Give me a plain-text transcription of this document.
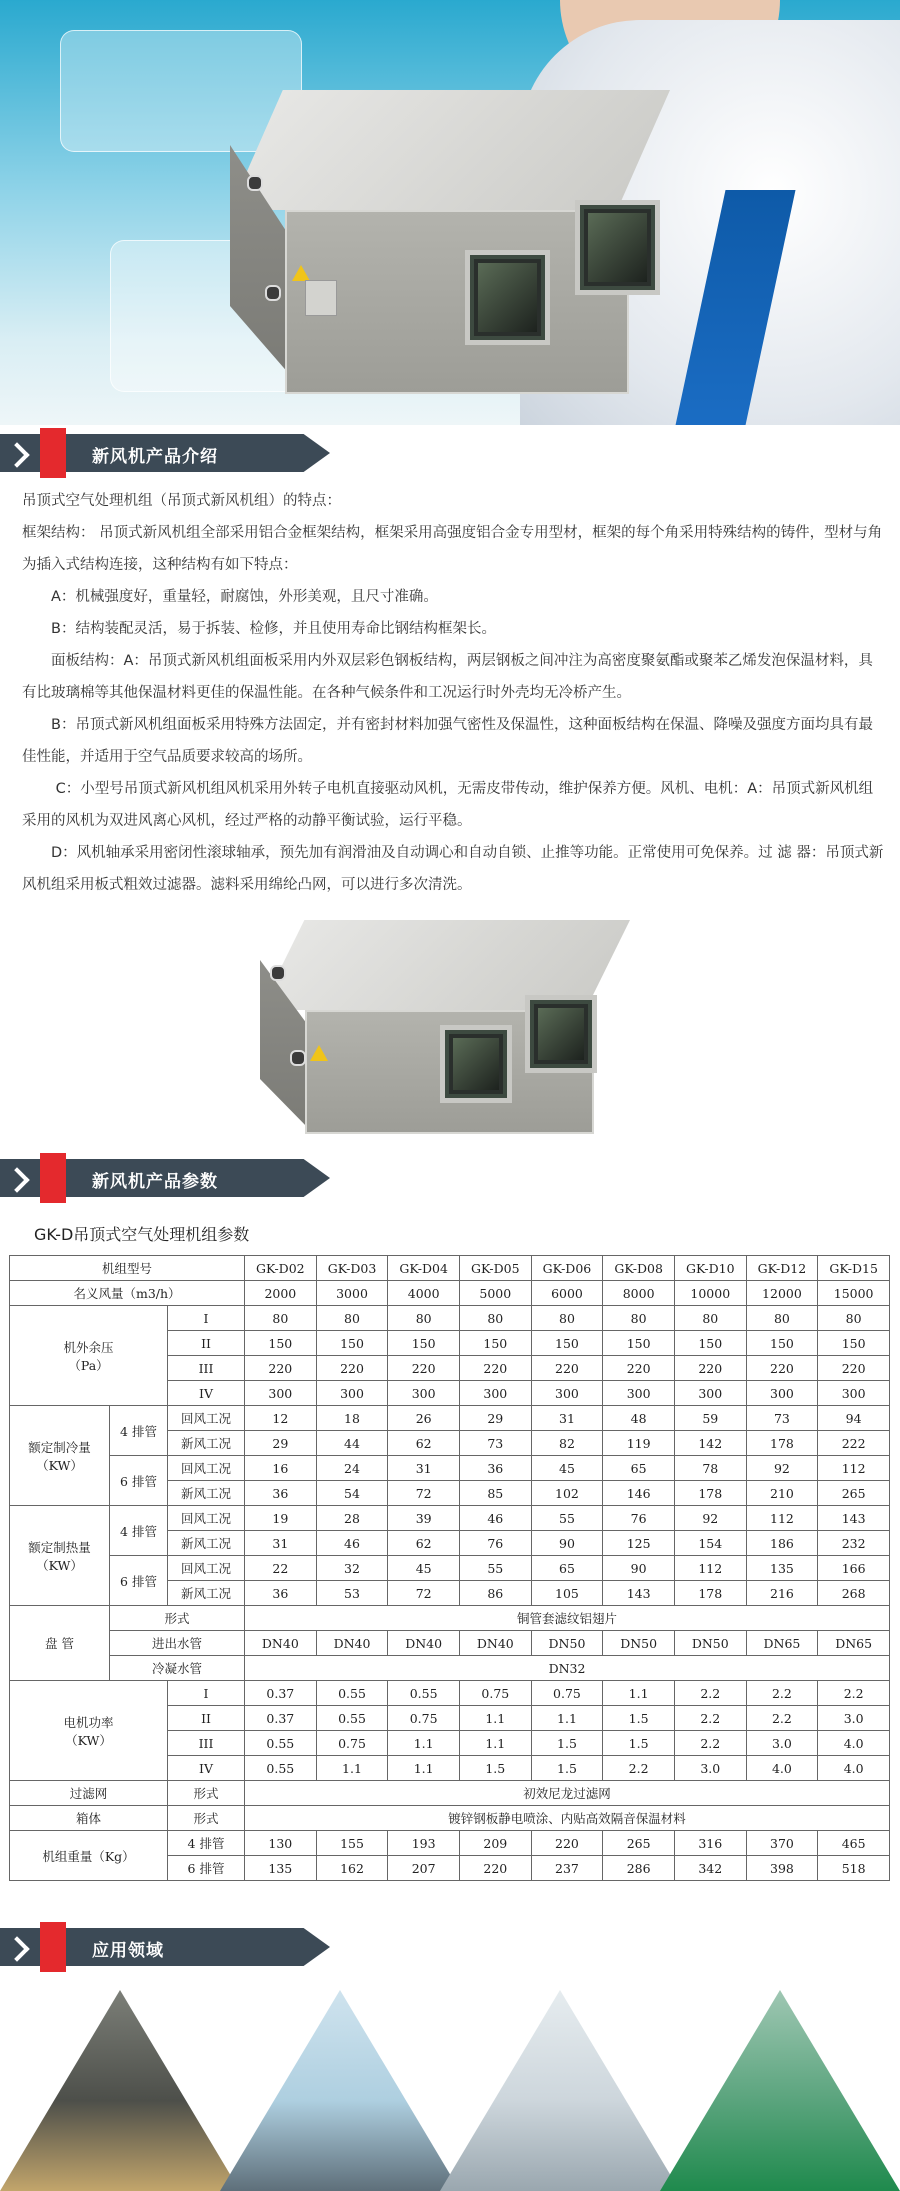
新风机产品介绍

吊顶式空气处理机组（吊顶式新风机组）的特点：

框架结构： 吊顶式新风机组全部采用铝合金框架结构，框架采用高强度铝合金专用型材，框架的每个角采用特殊结构的铸件，型材与角为插入式结构连接，这种结构有如下特点：

　　A：机械强度好，重量轻，耐腐蚀，外形美观，且尺寸准确。

　　B：结构装配灵活，易于拆装、检修，并且使用寿命比钢结构框架长。

　　面板结构：A：吊顶式新风机组面板采用内外双层彩色钢板结构，两层钢板之间冲注为高密度聚氨酯或聚苯乙烯发泡保温材料，具有比玻璃棉等其他保温材料更佳的保温性能。在各种气候条件和工况运行时外壳均无冷桥产生。

　　B：吊顶式新风机组面板采用特殊方法固定，并有密封材料加强气密性及保温性，这种面板结构在保温、降噪及强度方面均具有最佳性能，并适用于空气品质要求较高的场所。

　　 C：小型号吊顶式新风机组风机采用外转子电机直接驱动风机，无需皮带传动，维护保养方便。风机、电机：A：吊顶式新风机组采用的风机为双进风离心风机，经过严格的动静平衡试验，运行平稳。

　　D：风机轴承采用密闭性滚球轴承，预先加有润滑油及自动调心和自动自锁、止推等功能。正常使用可免保养。过 滤 器：吊顶式新风机组采用板式粗效过滤器。滤料采用绵纶凸网，可以进行多次清洗。

新风机产品参数
GK-D吊顶式空气处理机组参数
机组型号			GK-D02	GK-D03	GK-D04	GK-D05	GK-D06	GK-D08	GK-D10	GK-D12	GK-D15
名义风量（m3/h）			2000	3000	4000	5000	6000	8000	10000	12000	15000

机外余压
（Pa）		I	80	80	80	80	80	80	80	80	80
		II	150	150	150	150	150	150	150	150	150
		III	220	220	220	220	220	220	220	220	220
		IV	300	300	300	300	300	300	300	300	300

额定制冷量
（KW）	4 排管	回风工况	12	18	26	29	31	48	59	73	94
		新风工况	29	44	62	73	82	119	142	178	222
	6 排管	回风工况	16	24	31	36	45	65	78	92	112
		新风工况	36	54	72	85	102	146	178	210	265

额定制热量
（KW）	4 排管	回风工况	19	28	39	46	55	76	92	112	143
		新风工况	31	46	62	76	90	125	154	186	232
	6 排管	回风工况	22	32	45	55	65	90	112	135	166
		新风工况	36	53	72	86	105	143	178	216	268
盘 管	形式		铜管套滤纹铝翅片								
	进出水管		DN40	DN40	DN40	DN40	DN50	DN50	DN50	DN65	DN65
	冷凝水管		DN32								

电机功率
（KW）		I	0.37	0.55	0.55	0.75	0.75	1.1	2.2	2.2	2.2
		II	0.37	0.55	0.75	1.1	1.1	1.5	2.2	2.2	3.0
		III	0.55	0.75	1.1	1.1	1.5	1.5	2.2	3.0	4.0
		IV	0.55	1.1	1.1	1.5	1.5	2.2	3.0	4.0	4.0
过滤网		形式	初效尼龙过滤网								
箱体		形式	镀锌钢板静电喷涂、内贴高效隔音保温材料								
机组重量（Kg）		4 排管	130	155	193	209	220	265	316	370	465
		6 排管	135	162	207	220	237	286	342	398	518
应用领域
